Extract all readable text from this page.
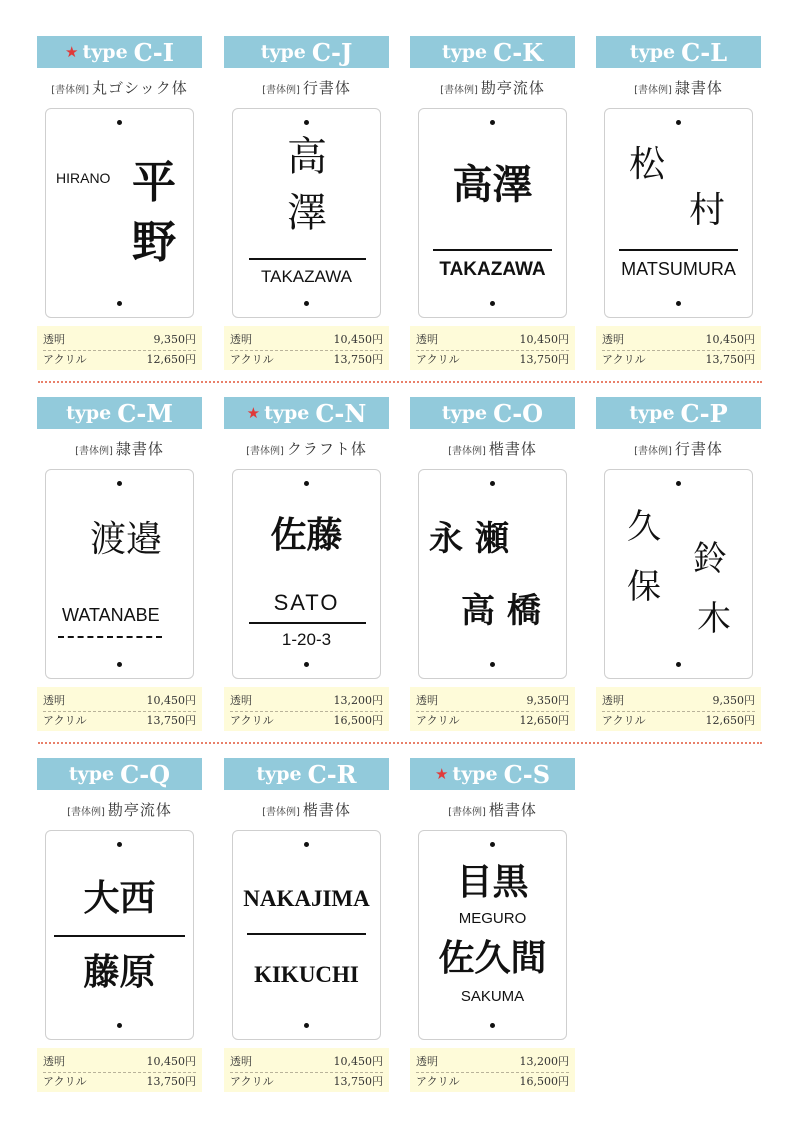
★ type C-I
[書体例] 丸ゴシック体
HIRANO 平
野
透明	9,350円
アクリル	12,650円
type C-J
[書体例] 行書体
高
澤
TAKAZAWA
透明	10,450円
アクリル	13,750円
type C-K
[書体例] 勘亭流体
高澤
TAKAZAWA
透明	10,450円
アクリル	13,750円
type C-L
[書体例] 隷書体
松
村
MATSUMURA
透明	10,450円
アクリル	13,750円
type C-M
[書体例] 隷書体
渡邉
WATANABE
透明	10,450円
アクリル	13,750円
★ type C-N
[書体例] クラフト体
佐藤
SATO
1-20-3
透明	13,200円
アクリル	16,500円
type C-O
[書体例] 楷書体
永 瀬
高 橋
透明	9,350円
アクリル	12,650円
type C-P
[書体例] 行書体
久
保
鈴
木
透明	9,350円
アクリル	12,650円
type C-Q
[書体例] 勘亭流体
大西
藤原
透明	10,450円
アクリル	13,750円
type C-R
[書体例] 楷書体
NAKAJIMA
KIKUCHI
透明	10,450円
アクリル	13,750円
★ type C-S
[書体例] 楷書体
目黒
MEGURO
佐久間
SAKUMA
透明	13,200円
アクリル	16,500円
